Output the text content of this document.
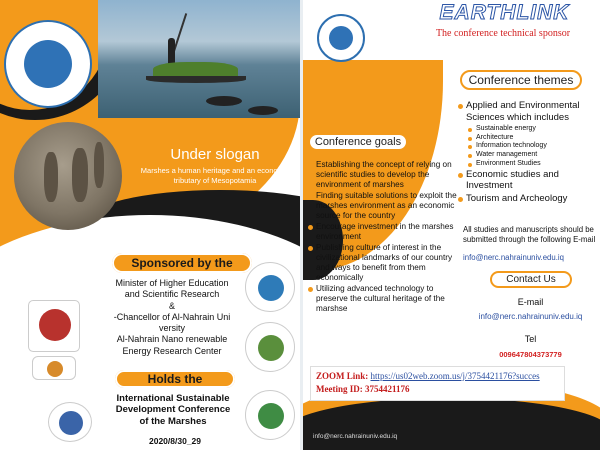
Under slogan
Marshes a human heritage and an economic tributary of Mesopotamia
Sponsored by the
Minister of Higher Education
and Scientific Research
&
-Chancellor of Al-Nahrain Uni
versity
Al-Nahrain Nano renewable
Energy Research Center
Holds the
International Sustainable
Development Conference
of the Marshes
2020/8/30_29
EARTHLINK
The conference technical sponsor
Conference themes
Applied and Environmental Sciences which includes
Sustainable energy
Architecture
Information technology
Water management
Environment Studies
Economic studies and Investment
Tourism and Archeology
Conference goals
Establishing the concept of relying on scientific studies to develop the environment of marshes
Finding suitable solutions to exploit the marshes environment as an economic source for the country
Encourage investment in the marshes environment
Publishing culture of interest in the civilizational landmarks of our country and ways to benefit from them economically
Utilizing advanced technology to preserve the cultural heritage of the marshse
All studies and manuscripts should be submitted through the following E-mail
info@nerc.nahrainuniv.edu.iq
Contact Us
E-mail
info@nerc.nahrainuniv.edu.iq
Tel
009647804373779
ZOOM Link: https://us02web.zoom.us/j/3754421176?succes
Meeting ID: 3754421176
info@nerc.nahrainuniv.edu.iq
